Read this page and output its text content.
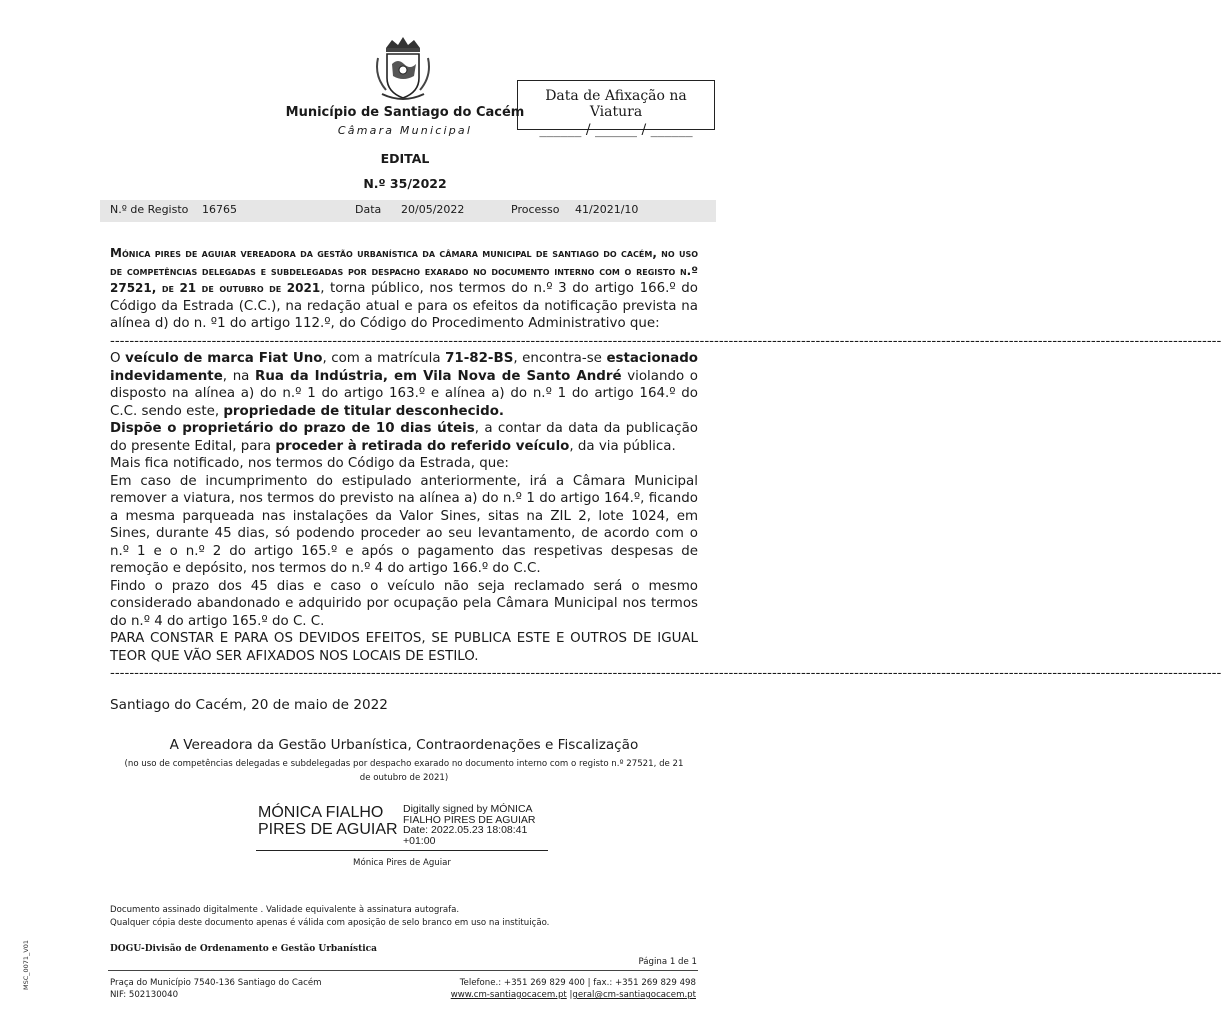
Data de Afixação na Viatura
______ / ______ / ______
Município de Santiago do Cacém
Câmara Municipal
EDITAL
N.º 35/2022
N.º de Registo 16765	Data 20/05/2022	Processo 41/2021/10

Mónica pires de aguiar vereadora da gestão urbanística da câmara municipal de santiago do cacém, no uso de competências delegadas e subdelegadas por despacho exarado no documento interno com o registo n.º 27521, de 21 de outubro de 2021, torna público, nos termos do n.º 3 do artigo 166.º do Código da Estrada (C.C.), na redação atual e para os efeitos da notificação prevista na alínea d) do n. º1 do artigo 112.º, do Código do Procedimento Administrativo que:

--------------------------------------------------------------------------------------------------------------------------------------------------------------------------------------------------------------------------------------

O veículo de marca Fiat Uno, com a matrícula 71-82-BS, encontra-se estacionado indevidamente, na Rua da Indústria, em Vila Nova de Santo André violando o disposto na alínea a) do n.º 1 do artigo 163.º e alínea a) do n.º 1 do artigo 164.º do C.C. sendo este, propriedade de titular desconhecido.

Dispõe o proprietário do prazo de 10 dias úteis, a contar da data da publicação do presente Edital, para proceder à retirada do referido veículo, da via pública.

Mais fica notificado, nos termos do Código da Estrada, que:

Em caso de incumprimento do estipulado anteriormente, irá a Câmara Municipal remover a viatura, nos termos do previsto na alínea a) do n.º 1 do artigo 164.º, ficando a mesma parqueada nas instalações da Valor Sines, sitas na ZIL 2, lote 1024, em Sines, durante 45 dias, só podendo proceder ao seu levantamento, de acordo com o n.º 1 e o n.º 2 do artigo 165.º e após o pagamento das respetivas despesas de remoção e depósito, nos termos do n.º 4 do artigo 166.º do C.C.

Findo o prazo dos 45 dias e caso o veículo não seja reclamado será o mesmo considerado abandonado e adquirido por ocupação pela Câmara Municipal nos termos do n.º 4 do artigo 165.º do C. C.

PARA CONSTAR E PARA OS DEVIDOS EFEITOS, SE PUBLICA ESTE E OUTROS DE IGUAL TEOR QUE VÃO SER AFIXADOS NOS LOCAIS DE ESTILO.

--------------------------------------------------------------------------------------------------------------------------------------------------------------------------------------------------------------------------------------
Santiago do Cacém, 20 de maio de 2022
A Vereadora da Gestão Urbanística, Contraordenações e Fiscalização
(no uso de competências delegadas e subdelegadas por despacho exarado no documento interno com o registo n.º 27521, de 21 de outubro de 2021)
MÓNICA FIALHO
PIRES DE AGUIAR
Digitally signed by MÓNICA
FIALHO PIRES DE AGUIAR
Date: 2022.05.23 18:08:41
+01:00
Mónica Pires de Aguiar
Documento assinado digitalmente . Validade equivalente à assinatura autografa.
Qualquer cópia deste documento apenas é válida com aposição de selo branco em uso na instituição.
DOGU-Divisão de Ordenamento e Gestão Urbanística
Página 1 de 1
Praça do Município 7540-136 Santiago do Cacém
NIF: 502130040
Telefone.: +351 269 829 400 | fax.: +351 269 829 498
www.cm-santiagocacem.pt |geral@cm-santiagocacem.pt
MSC_0071_V01
